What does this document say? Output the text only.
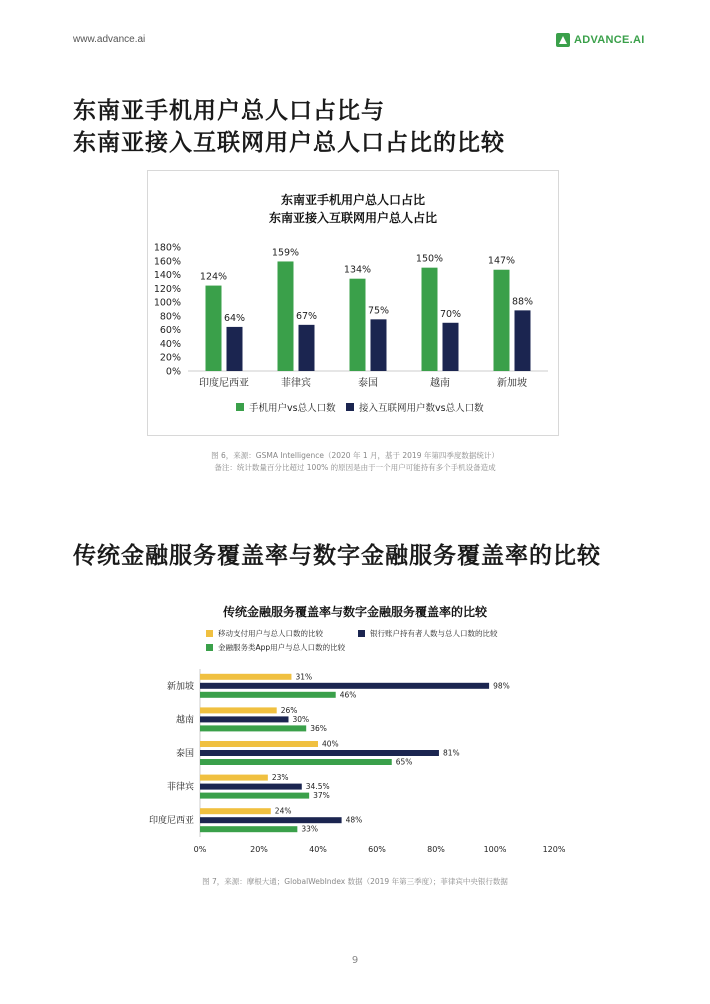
www.advance.ai	ADVANCE.AI
东南亚手机用户总人口占比与
东南亚接入互联网用户总人口占比的比较
东南亚手机用户总人口占比
东南亚接入互联网用户总人占比
0%
20%
40%
60%
80%
100%
120%
140%
160%
180%
124%
64%
印度尼西亚
159%
67%
菲律宾
134%
75%
泰国
150%
70%
越南
147%
88%
新加坡
手机用户vs总人口数 接入互联网用户数vs总人口数
图 6，来源：GSMA Intelligence（2020 年 1 月，基于 2019 年第四季度数据统计）
备注：统计数量百分比超过 100% 的原因是由于一个用户可能持有多个手机设备造成
传统金融服务覆盖率与数字金融服务覆盖率的比较
传统金融服务覆盖率与数字金融服务覆盖率的比较
移动支付用户与总人口数的比较	银行账户持有者人数与总人口数的比较
金融服务类App用户与总人口数的比较
31%
98%
46%
新加坡
26%
30%
36%
越南
40%
81%
65%
泰国
23%
34.5%
37%
菲律宾
24%
48%
33%
印度尼西亚
0%	20%	40%	60%	80%	100%	120%
图 7，来源：摩根大通；GlobalWebIndex 数据（2019 年第三季度）；菲律宾中央银行数据
9
